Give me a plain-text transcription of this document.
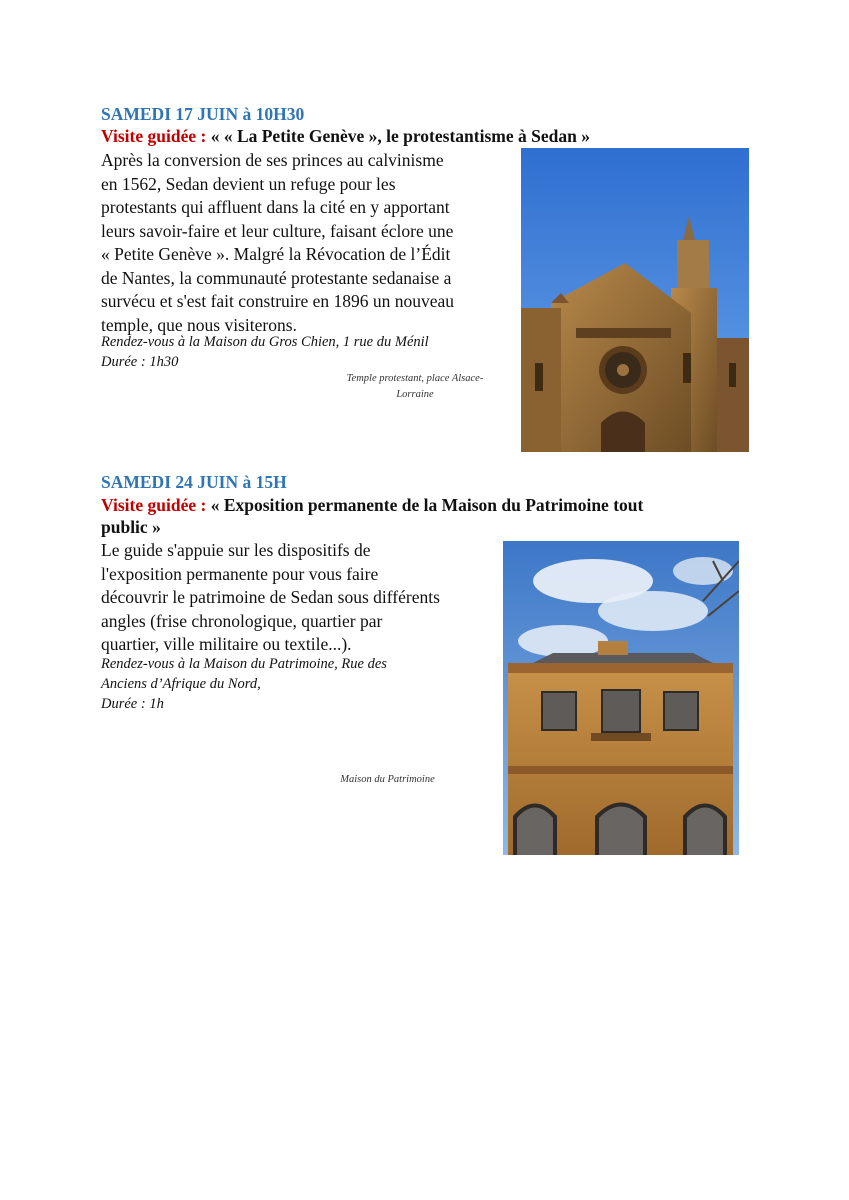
SAMEDI 17 JUIN à 10H30
Visite guidée : « « La Petite Genève », le protestantisme à Sedan »
Après la conversion de ses princes au calvinisme
en 1562, Sedan devient un refuge pour les
protestants qui affluent dans la cité en y apportant
leurs savoir-faire et leur culture, faisant éclore une
« Petite Genève ». Malgré la Révocation de l’Édit
de Nantes, la communauté protestante sedanaise a
survécu et s'est fait construire en 1896 un nouveau
temple, que nous visiterons.
Rendez-vous à la Maison du Gros Chien, 1 rue du Ménil
Durée : 1h30
Temple protestant, place Alsace-
Lorraine
SAMEDI 24 JUIN à 15H
Visite guidée : « Exposition permanente de la Maison du Patrimoine tout
public »
Le guide s'appuie sur les dispositifs de
l'exposition permanente pour vous faire
découvrir le patrimoine de Sedan sous différents
angles (frise chronologique, quartier par
quartier, ville militaire ou textile...).
Rendez-vous à la Maison du Patrimoine, Rue des
Anciens d’Afrique du Nord,
Durée : 1h
Maison du Patrimoine
